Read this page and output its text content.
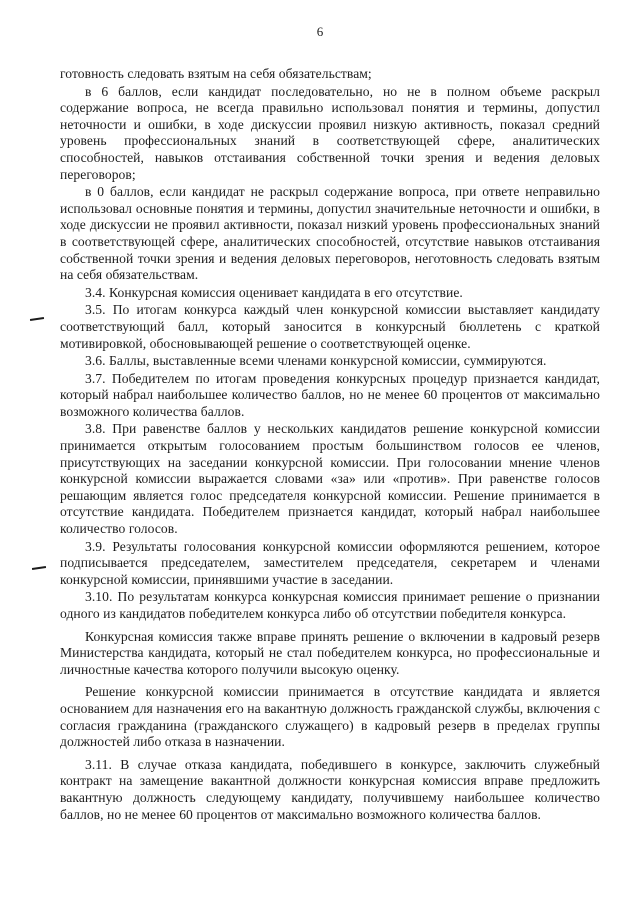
6

готовность следовать взятым на себя обязательствам;

в 6 баллов, если кандидат последовательно, но не в полном объеме раскрыл содержание вопроса, не всегда правильно использовал понятия и термины, допустил неточности и ошибки, в ходе дискуссии проявил низкую активность, показал средний уровень профессиональных знаний в соответствующей сфере, аналитических способностей, навыков отстаивания собственной точки зрения и ведения деловых переговоров;

в 0 баллов, если кандидат не раскрыл содержание вопроса, при ответе неправильно использовал основные понятия и термины, допустил значительные неточности и ошибки, в ходе дискуссии не проявил активности, показал низкий уровень профессиональных знаний в соответствующей сфере, аналитических способностей, отсутствие навыков отстаивания собственной точки зрения и ведения деловых переговоров, неготовность следовать взятым на себя обязательствам.

3.4. Конкурсная комиссия оценивает кандидата в его отсутствие.

3.5. По итогам конкурса каждый член конкурсной комиссии выставляет кандидату соответствующий балл, который заносится в конкурсный бюллетень с краткой мотивировкой, обосновывающей решение о соответствующей оценке.

3.6. Баллы, выставленные всеми членами конкурсной комиссии, суммируются.

3.7. Победителем по итогам проведения конкурсных процедур признается кандидат, который набрал наибольшее количество баллов, но не менее 60 процентов от максимально возможного количества баллов.

3.8. При равенстве баллов у нескольких кандидатов решение конкурсной комиссии принимается открытым голосованием простым большинством голосов ее членов, присутствующих на заседании конкурсной комиссии. При голосовании мнение членов конкурсной комиссии выражается словами «за» или «против». При равенстве голосов решающим является голос председателя конкурсной комиссии. Решение принимается в отсутствие кандидата. Победителем признается кандидат, который набрал наибольшее количество голосов.

3.9. Результаты голосования конкурсной комиссии оформляются решением, которое подписывается председателем, заместителем председателя, секретарем и членами конкурсной комиссии, принявшими участие в заседании.

3.10. По результатам конкурса конкурсная комиссия принимает решение о признании одного из кандидатов победителем конкурса либо об отсутствии победителя конкурса.

Конкурсная комиссия также вправе принять решение о включении в кадровый резерв Министерства кандидата, который не стал победителем конкурса, но профессиональные и личностные качества которого получили высокую оценку.

Решение конкурсной комиссии принимается в отсутствие кандидата и является основанием для назначения его на вакантную должность гражданской службы, включения с согласия гражданина (гражданского служащего) в кадровый резерв в пределах группы должностей либо отказа в назначении.

3.11. В случае отказа кандидата, победившего в конкурсе, заключить служебный контракт на замещение вакантной должности конкурсная комиссия вправе предложить вакантную должность следующему кандидату, получившему наибольшее количество баллов, но не менее 60 процентов от максимально возможного количества баллов.
